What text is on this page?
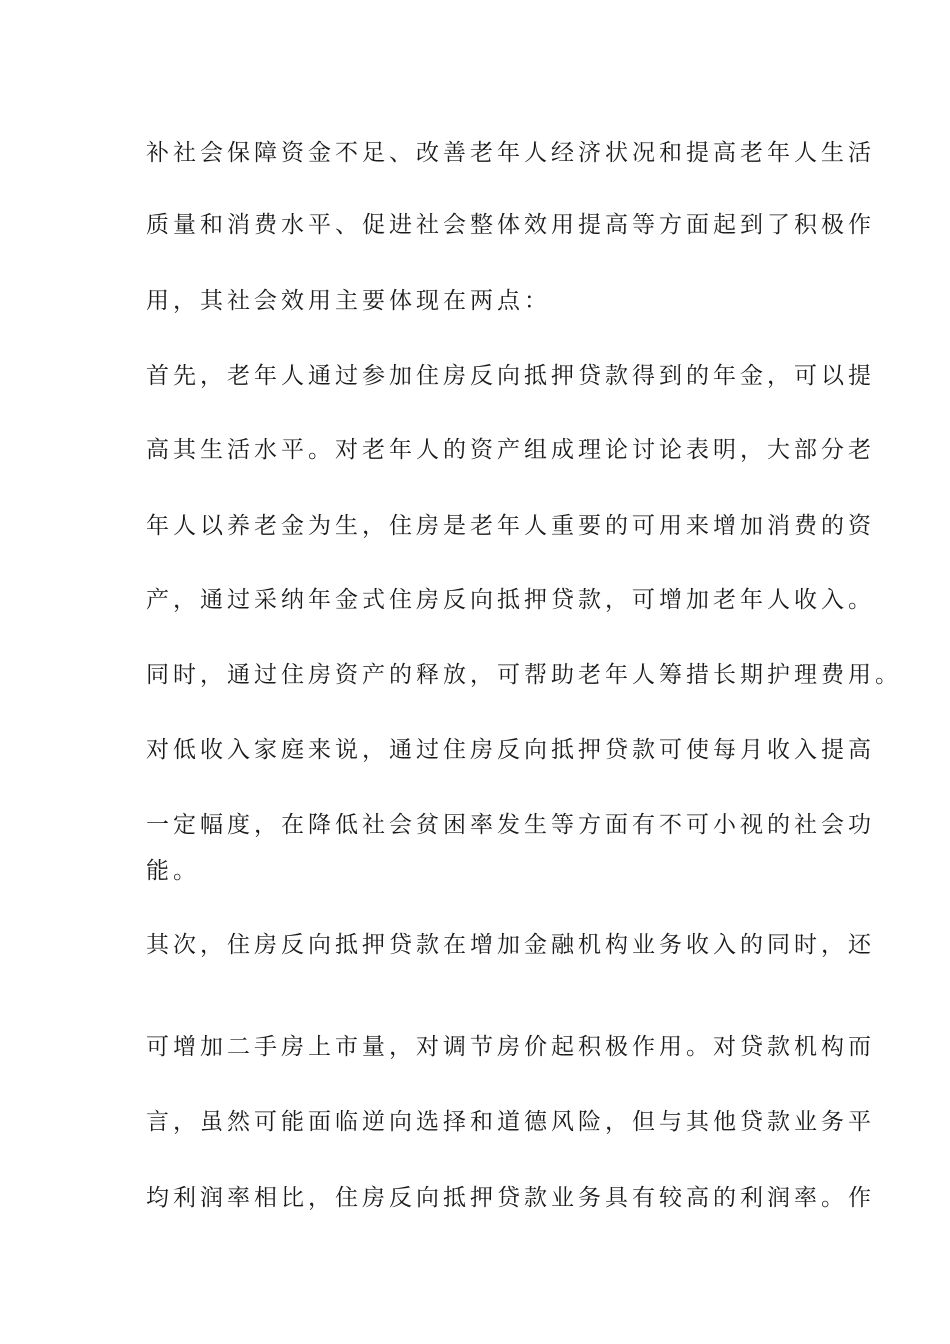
补社会保障资金不足、改善老年人经济状况和提高老年人生活

质量和消费水平、促进社会整体效用提高等方面起到了积极作

用，其社会效用主要体现在两点：

首先，老年人通过参加住房反向抵押贷款得到的年金，可以提

高其生活水平。对老年人的资产组成理论讨论表明，大部分老

年人以养老金为生，住房是老年人重要的可用来增加消费的资

产，通过采纳年金式住房反向抵押贷款，可增加老年人收入。

同时，通过住房资产的释放，可帮助老年人筹措长期护理费用。

对低收入家庭来说，通过住房反向抵押贷款可使每月收入提高

一定幅度，在降低社会贫困率发生等方面有不可小视的社会功

能。

其次，住房反向抵押贷款在增加金融机构业务收入的同时，还

可增加二手房上市量，对调节房价起积极作用。对贷款机构而

言，虽然可能面临逆向选择和道德风险，但与其他贷款业务平

均利润率相比，住房反向抵押贷款业务具有较高的利润率。作
